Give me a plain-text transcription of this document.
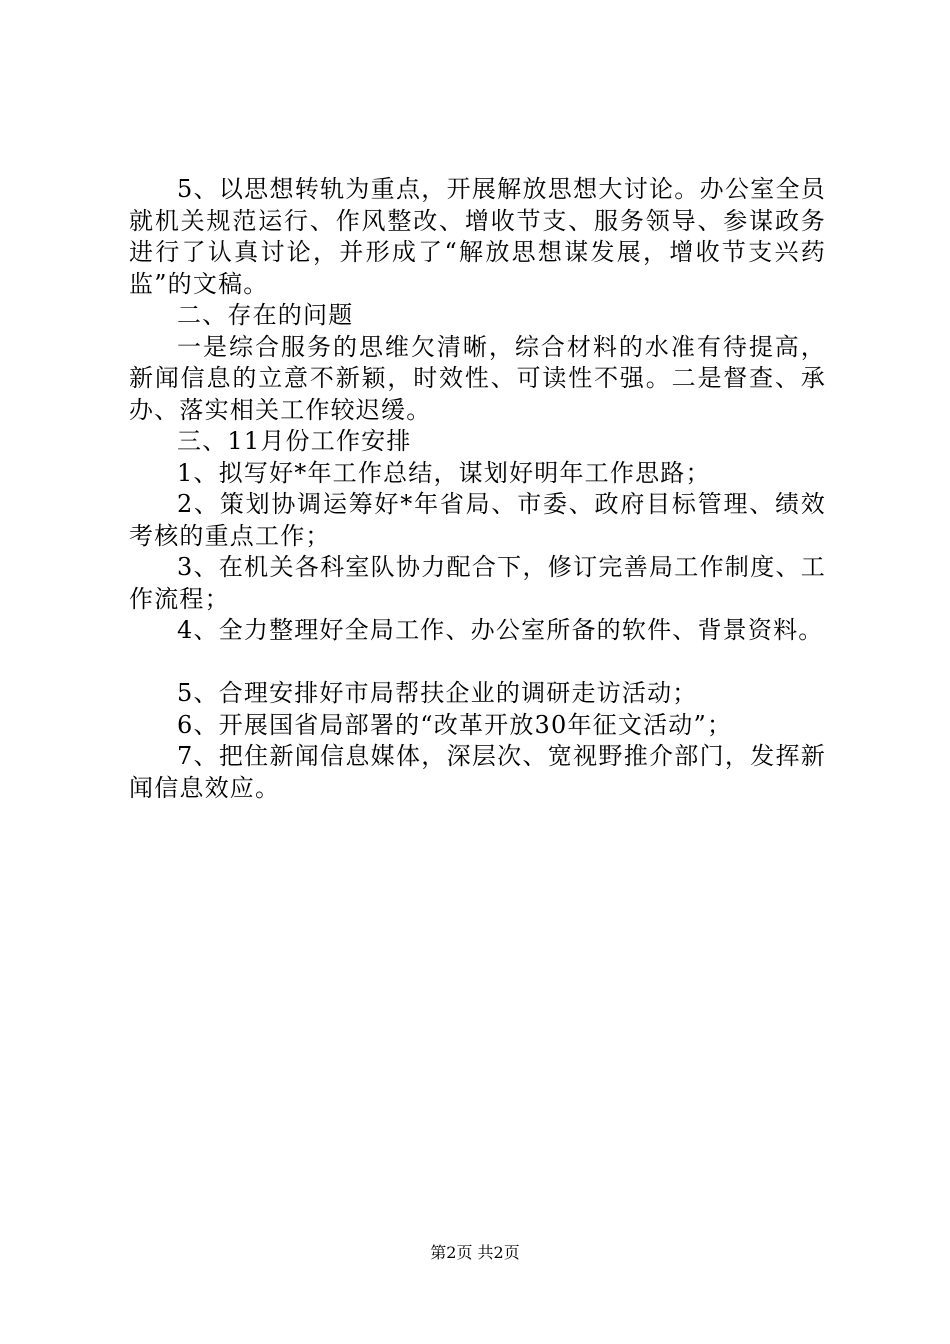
5、以思想转轨为重点，开展解放思想大讨论。办公室全员就机关规范运行、作风整改、增收节支、服务领导、参谋政务进行了认真讨论，并形成了“解放思想谋发展，增收节支兴药监”的文稿。

二、存在的问题

一是综合服务的思维欠清晰，综合材料的水准有待提高，新闻信息的立意不新颖，时效性、可读性不强。二是督查、承办、落实相关工作较迟缓。

三、11月份工作安排

1、拟写好*年工作总结，谋划好明年工作思路；

2、策划协调运筹好*年省局、市委、政府目标管理、绩效考核的重点工作；

3、在机关各科室队协力配合下，修订完善局工作制度、工作流程；

4、全力整理好全局工作、办公室所备的软件、背景资料。

5、合理安排好市局帮扶企业的调研走访活动；

6、开展国省局部署的“改革开放30年征文活动”；

7、把住新闻信息媒体，深层次、宽视野推介部门，发挥新闻信息效应。

第2页 共2页
